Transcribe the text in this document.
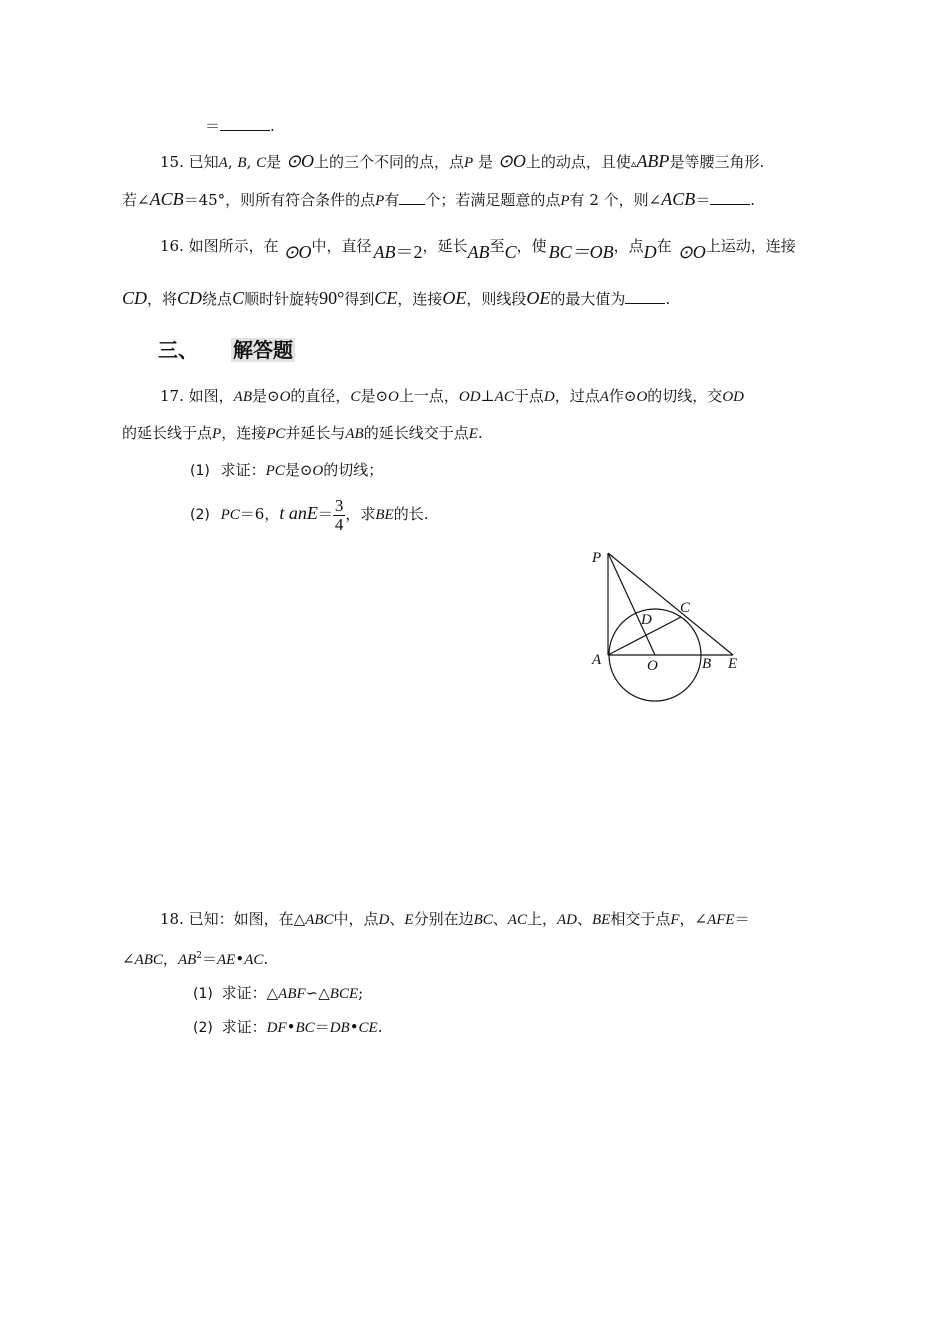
＝	.
15. 已知A, B, C是 ⊙O上的三个不同的点，点P 是 ⊙O上的动点，且使▵ABP是等腰三角形.
若∠ACB＝45°，则所有符合条件的点P有 个；若满足题意的点P有 2 个，则∠ACB＝	.
16. 如图所示，在 ⊙O中，直径 AB＝2，延长AB至C，使 BC＝OB，点D在 ⊙O上运动，连接
CD，将CD绕点C顺时针旋转90°得到CE，连接OE，则线段OE的最大值为	.
三、 解答题
17. 如图，AB是⊙O的直径，C是⊙O上一点，OD⊥AC于点D，过点A作⊙O的切线，交OD
的延长线于点P，连接PC并延长与AB的延长线交于点E.
(1) 求证：PC是⊙O的切线；
(2) PC＝6，t $anE= \frac{3}{4}$ ，求BE的长.
P
C
D
A	O	B E
18. 已知：如图，在△ABC中，点D、E分别在边BC、AC上，AD、BE相交于点F，∠AFE＝
∠ABC，$AB^2=AE•AC$.
(1) 求证：△ABF∽△BCE;
(2) 求证：DF•BC＝DB•CE.
